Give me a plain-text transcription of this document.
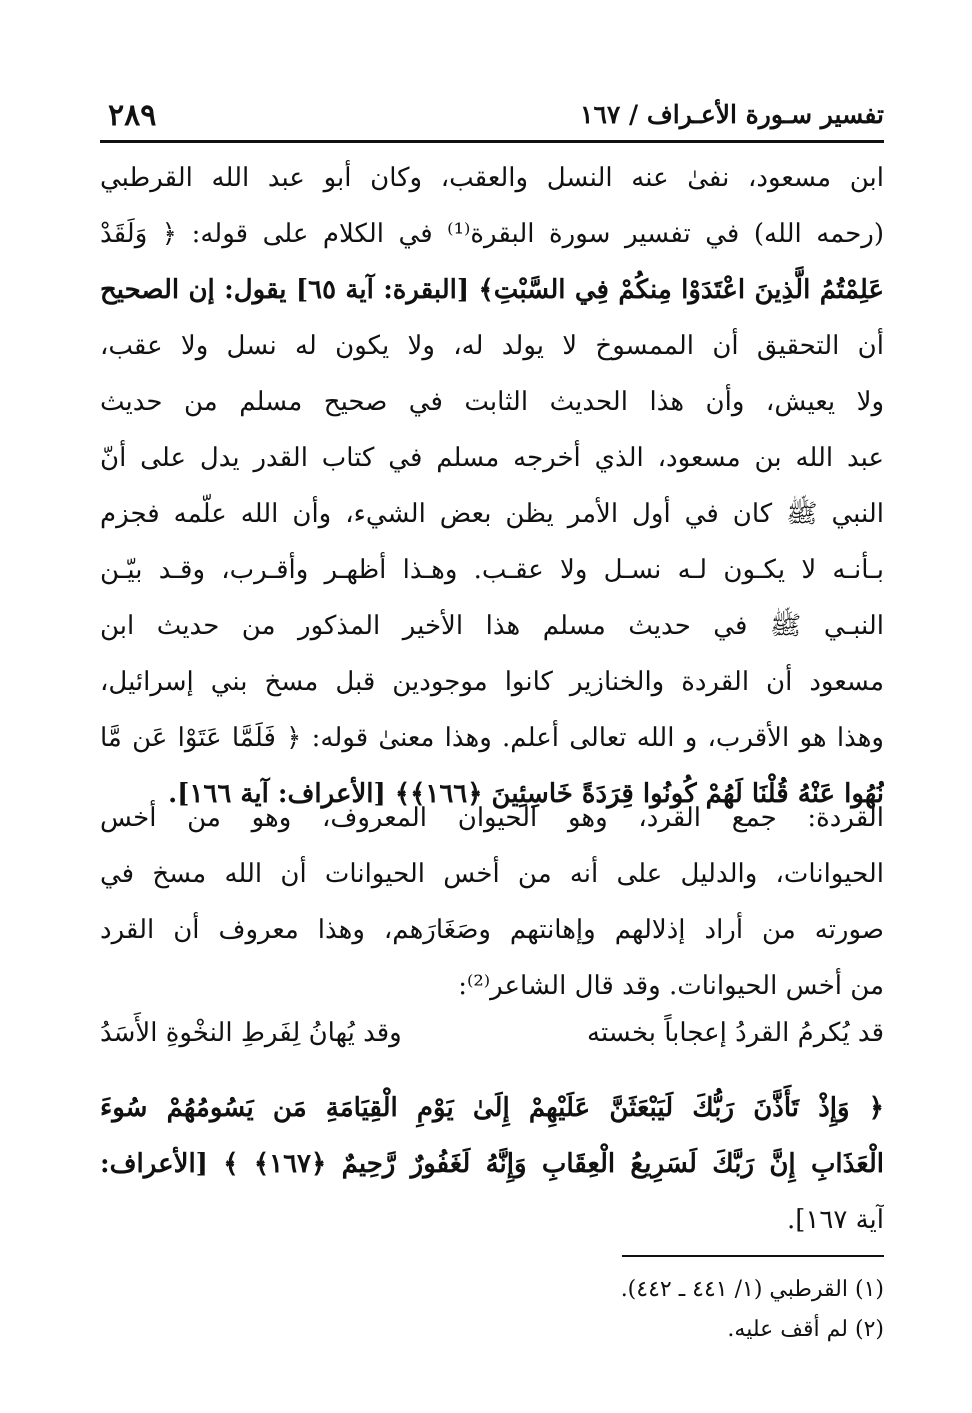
٢٨٩	تفسير سـورة الأعـراف / ١٦٧
ابن مسعود، نفىٰ عنه النسل والعقب، وكان أبو عبد الله القرطبي
(رحمه الله) في تفسير سورة البقرة⁽¹⁾ في الكلام على قوله: ﴿ وَلَقَدْ
عَلِمْتُمُ الَّذِينَ اعْتَدَوْا مِنكُمْ فِي السَّبْتِ﴾ [البقرة: آية ٦٥] يقول: إن الصحيح
أن التحقيق أن الممسوخ لا يولد له، ولا يكون له نسل ولا عقب،
ولا يعيش، وأن هذا الحديث الثابت في صحيح مسلم من حديث
عبد الله بن مسعود، الذي أخرجه مسلم في كتاب القدر يدل على أنّ
النبي ﷺ كان في أول الأمر يظن بعض الشيء، وأن الله علّمه فجزم
بـأنـه لا يكـون لـه نسـل ولا عقـب. وهـذا أظهـر وأقـرب، وقـد بيّـن
النبـي ﷺ في حديث مسلم هذا الأخير المذكور من حديث ابن
مسعود أن القردة والخنازير كانوا موجودين قبل مسخ بني إسرائيل،
وهذا هو الأقرب، و الله تعالى أعلم. وهذا معنىٰ قوله: ﴿ فَلَمَّا عَتَوْا عَن مَّا
نُهُوا عَنْهُ قُلْنَا لَهُمْ كُونُوا قِرَدَةً خَاسِئِينَ ﴿١٦٦﴾﴾ [الأعراف: آية ١٦٦].
القردة: جمع القرد، وهو الحيوان المعروف، وهو من أخس
الحيوانات، والدليل على أنه من أخس الحيوانات أن الله مسخ في
صورته من أراد إذلالهم وإهانتهم وصَغَارَهم، وهذا معروف أن القرد
من أخس الحيوانات. وقد قال الشاعر⁽²⁾:
قد يُكرمُ القردُ إعجاباً بخسته
وقد يُهانُ لِفَرطِ النخْوةِ الأَسَدُ
﴿ وَإِذْ تَأَذَّنَ رَبُّكَ لَيَبْعَثَنَّ عَلَيْهِمْ إِلَىٰ يَوْمِ الْقِيَامَةِ مَن يَسُومُهُمْ سُوءَ
الْعَذَابِ إِنَّ رَبَّكَ لَسَرِيعُ الْعِقَابِ وَإِنَّهُ لَغَفُورٌ رَّحِيمٌ ﴿١٦٧﴾ ﴾ [الأعراف:
آية ١٦٧].
(١) القرطبي (١/ ٤٤١ ـ ٤٤٢).
(٢) لم أقف عليه.
